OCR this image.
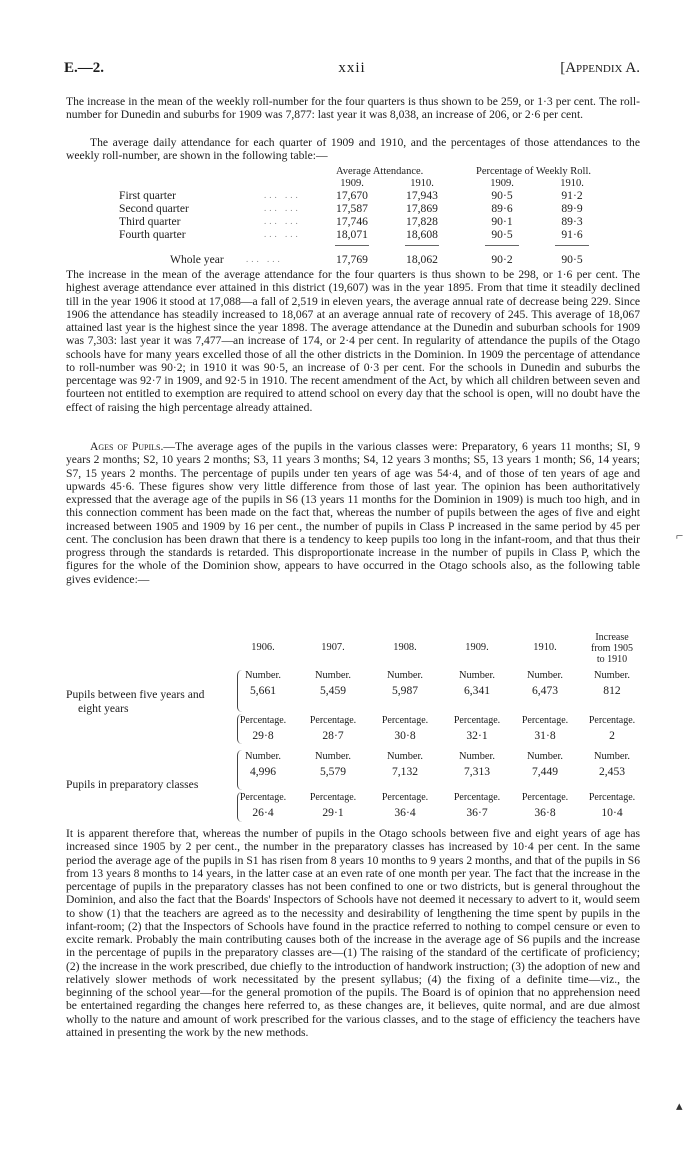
E.—2.	xxii	[Appendix A.

The increase in the mean of the weekly roll-number for the four quarters is thus shown to be 259, or 1·3 per cent. The roll-number for Dunedin and suburbs for 1909 was 7,877: last year it was 8,038, an increase of 206, or 2·6 per cent.

The average daily attendance for each quarter of 1909 and 1910, and the percentages of those attendances to the weekly roll-number, are shown in the following table:—

Average Attendance.	Percentage of Weekly Roll.
1909.	1910.	1909.	1910.
First quarter	... ...	17,670	17,943	90·5	91·2
Second quarter	... ...	17,587	17,869	89·6	89·9
Third quarter	... ...	17,746	17,828	90·1	89·3
Fourth quarter	... ...	18,071	18,608	90·5	91·6
Whole year ... ...	17,769	18,062	90·2	90·5

The increase in the mean of the average attendance for the four quarters is thus shown to be 298, or 1·6 per cent. The highest average attendance ever attained in this district (19,607) was in the year 1895. From that time it steadily declined till in the year 1906 it stood at 17,088—a fall of 2,519 in eleven years, the average annual rate of decrease being 229. Since 1906 the attendance has steadily increased to 18,067 at an average annual rate of recovery of 245. This average of 18,067 attained last year is the highest since the year 1898. The average attendance at the Dunedin and suburban schools for 1909 was 7,303: last year it was 7,477—an increase of 174, or 2·4 per cent. In regularity of attendance the pupils of the Otago schools have for many years excelled those of all the other districts in the Dominion. In 1909 the percentage of attendance to roll-number was 90·2; in 1910 it was 90·5, an increase of 0·3 per cent. For the schools in Dunedin and suburbs the percentage was 92·7 in 1909, and 92·5 in 1910. The recent amendment of the Act, by which all children between seven and fourteen not entitled to exemption are required to attend school on every day that the school is open, will no doubt have the effect of raising the high percentage already attained.

Ages of Pupils.—The average ages of the pupils in the various classes were: Preparatory, 6 years 11 months; SI, 9 years 2 months; S2, 10 years 2 months; S3, 11 years 3 months; S4, 12 years 3 months; S5, 13 years 1 month; S6, 14 years; S7, 15 years 2 months. The percentage of pupils under ten years of age was 54·4, and of those of ten years of age and upwards 45·6. These figures show very little difference from those of last year. The opinion has been authoritatively expressed that the average age of the pupils in S6 (13 years 11 months for the Dominion in 1909) is much too high, and in this connection comment has been made on the fact that, whereas the number of pupils between the ages of five and eight increased between 1905 and 1909 by 16 per cent., the number of pupils in Class P increased in the same period by 45 per cent. The conclusion has been drawn that there is a tendency to keep pupils too long in the infant-room, and that thus their progress through the standards is retarded. This disproportionate increase in the number of pupils in Class P, which the figures for the whole of the Dominion show, appears to have occurred in the Otago schools also, as the following table gives evidence:—

1906.	1907.	1908.	1909.	1910.
Increase
from 1905
to 1910
Pupils between five years and
eight years
Number.	Number.	Number.	Number.	Number.	Number.
5,661	5,459	5,987	6,341	6,473	812
Percentage.	Percentage.	Percentage.	Percentage.	Percentage.	Percentage.
29·8	28·7	30·8	32·1	31·8	2
Pupils in preparatory classes
Number.	Number.	Number.	Number.	Number.	Number.
4,996	5,579	7,132	7,313	7,449	2,453
Percentage.	Percentage.	Percentage.	Percentage.	Percentage.	Percentage.
26·4	29·1	36·4	36·7	36·8	10·4

It is apparent therefore that, whereas the number of pupils in the Otago schools between five and eight years of age has increased since 1905 by 2 per cent., the number in the preparatory classes has increased by 10·4 per cent. In the same period the average age of the pupils in S1 has risen from 8 years 10 months to 9 years 2 months, and that of the pupils in S6 from 13 years 8 months to 14 years, in the latter case at an even rate of one month per year. The fact that the increase in the percentage of pupils in the preparatory classes has not been confined to one or two districts, but is general throughout the Dominion, and also the fact that the Boards' Inspectors of Schools have not deemed it necessary to advert to it, would seem to show (1) that the teachers are agreed as to the necessity and desirability of lengthening the time spent by pupils in the infant-room; (2) that the Inspectors of Schools have found in the practice referred to nothing to compel censure or even to excite remark. Probably the main contributing causes both of the increase in the average age of S6 pupils and the increase in the percentage of pupils in the preparatory classes are—(1) The raising of the standard of the certificate of proficiency; (2) the increase in the work prescribed, due chiefly to the introduction of handwork instruction; (3) the adoption of new and relatively slower methods of work necessitated by the present syllabus; (4) the fixing of a definite time—viz., the beginning of the school year—for the general promotion of the pupils. The Board is of opinion that no apprehension need be entertained regarding the changes here referred to, as these changes are, it believes, quite normal, and are due almost wholly to the nature and amount of work prescribed for the various classes, and to the stage of efficiency the teachers have attained in presenting the work by the new methods.

⌐
▴
